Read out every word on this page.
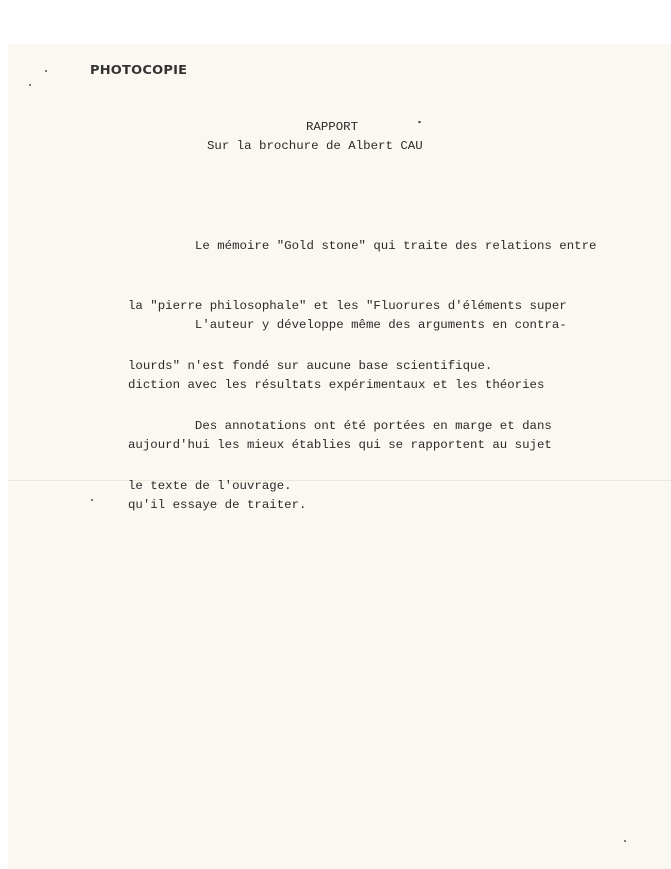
PHOTOCOPIE
RAPPORT
Sur la brochure de Albert CAU

Le mémoire "Gold stone" qui traite des relations entre

la "pierre philosophale" et les "Fluorures d'éléments super

lourds" n'est fondé sur aucune base scientifique.

L'auteur y développe même des arguments en contra-

diction avec les résultats expérimentaux et les théories

aujourd'hui les mieux établies qui se rapportent au sujet

qu'il essaye de traiter.

Des annotations ont été portées en marge et dans

le texte de l'ouvrage.
